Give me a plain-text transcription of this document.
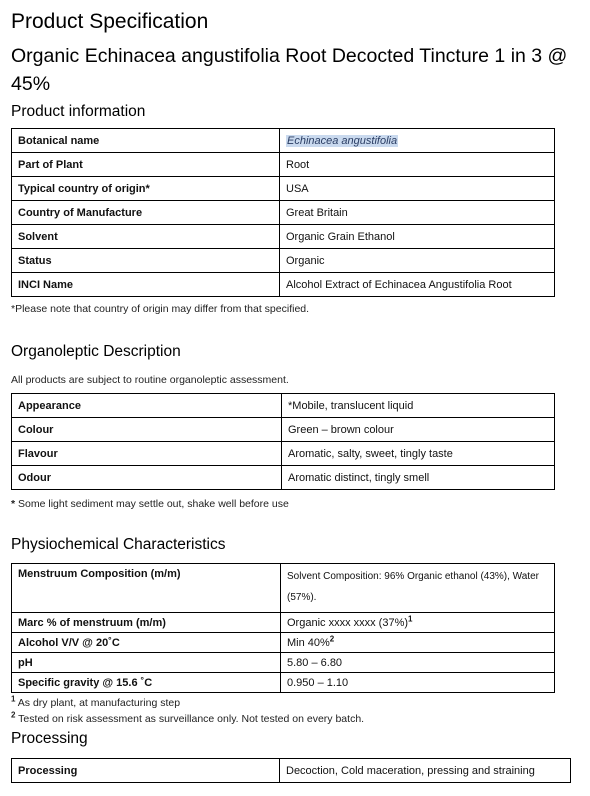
Product Specification
Organic Echinacea angustifolia Root Decocted Tincture 1 in 3 @ 45%
Product information
Botanical name	Echinacea angustifolia
Part of Plant	Root
Typical country of origin*	USA
Country of Manufacture	Great Britain
Solvent	Organic Grain Ethanol
Status	Organic
INCI Name	Alcohol Extract of Echinacea Angustifolia Root
*Please note that country of origin may differ from that specified.
Organoleptic Description
All products are subject to routine organoleptic assessment.
Appearance	*Mobile, translucent liquid
Colour	Green – brown colour
Flavour	Aromatic, salty, sweet, tingly taste
Odour	Aromatic distinct, tingly smell
* Some light sediment may settle out, shake well before use
Physiochemical Characteristics
Menstruum Composition (m/m)	Solvent Composition: 96% Organic ethanol (43%), Water (57%).
Marc % of menstruum (m/m)	Organic xxxx xxxx $(37\%)^1$
Alcohol V/V @ 20˚C	Min 40%$^2$
pH	5.80 – 6.80
Specific gravity @ 15.6 ˚C	0.950 – 1.10
$^1$ As dry plant, at manufacturing step
$^2$ Tested on risk assessment as surveillance only. Not tested on every batch.
Processing
Processing	Decoction, Cold maceration, pressing and straining
